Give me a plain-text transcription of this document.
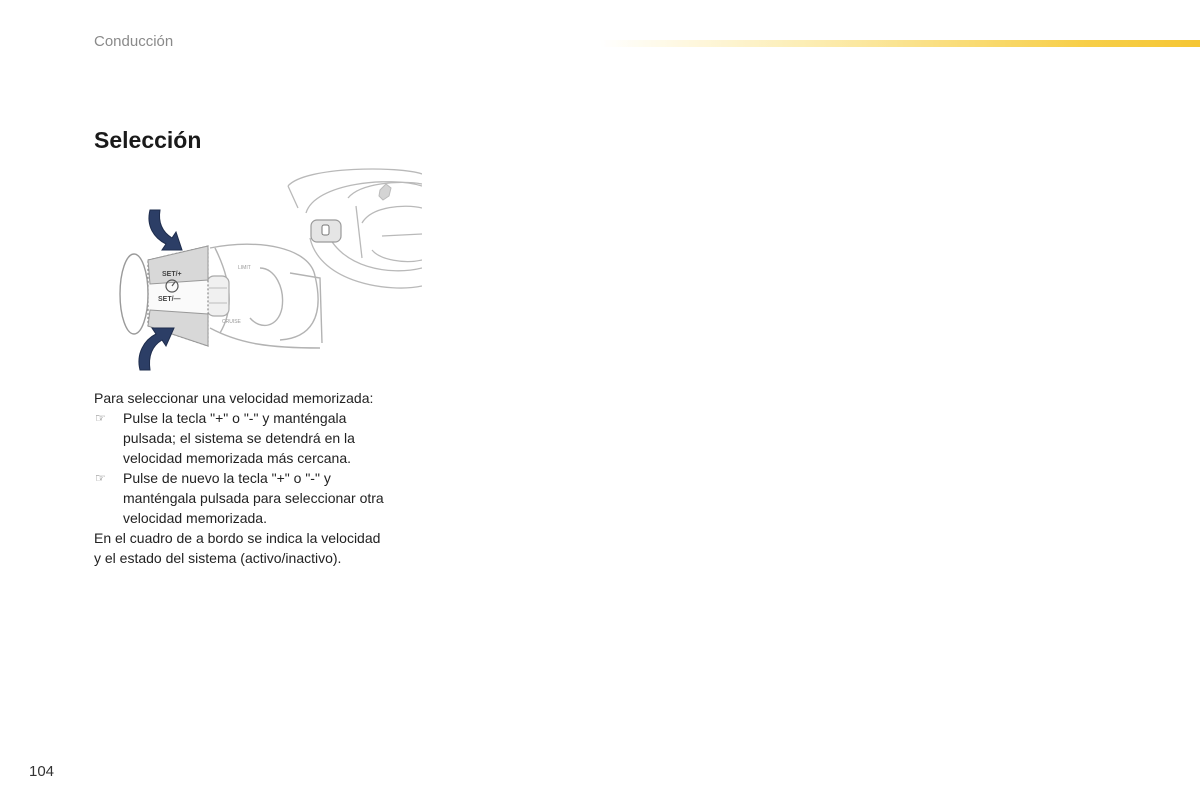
Conducción
Selección
SET/+
SET/—
LIMIT
CRUISE

Para seleccionar una velocidad memorizada:

☞	Pulse la tecla "+" o "-" y manténgala
pulsada; el sistema se detendrá en la
velocidad memorizada más cercana.
☞	Pulse de nuevo la tecla "+" o "-" y
manténgala pulsada para seleccionar otra
velocidad memorizada.

En el cuadro de a bordo se indica la velocidad
y el estado del sistema (activo/inactivo).

104
